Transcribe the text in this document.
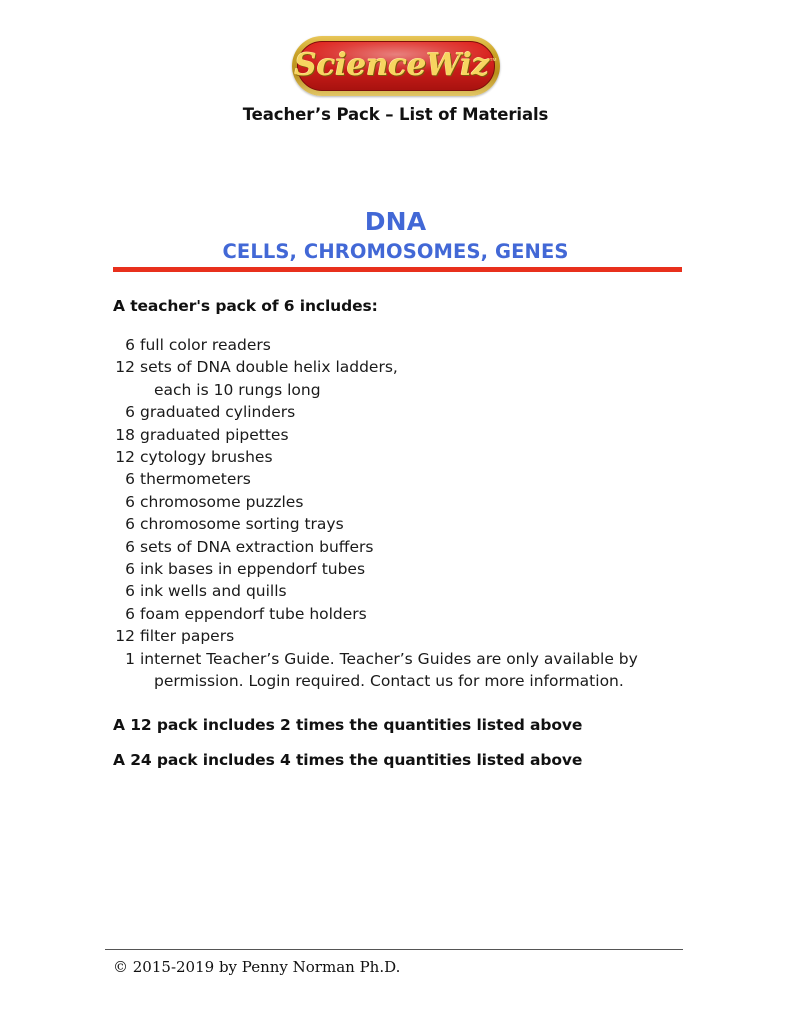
ScienceWiz™
Teacher’s Pack – List of Materials
DNA
CELLS, CHROMOSOMES, GENES
A teacher's pack of 6 includes:
6 full color readers
12 sets of DNA double helix ladders,
each is 10 rungs long
6 graduated cylinders
18 graduated pipettes
12 cytology brushes
6 thermometers
6 chromosome puzzles
6 chromosome sorting trays
6 sets of DNA extraction buffers
6 ink bases in eppendorf tubes
6 ink wells and quills
6 foam eppendorf tube holders
12 filter papers
1 internet Teacher’s Guide. Teacher’s Guides are only available by
permission. Login required. Contact us for more information.
A 12 pack includes 2 times the quantities listed above
A 24 pack includes 4 times the quantities listed above
© 2015-2019 by Penny Norman Ph.D.
